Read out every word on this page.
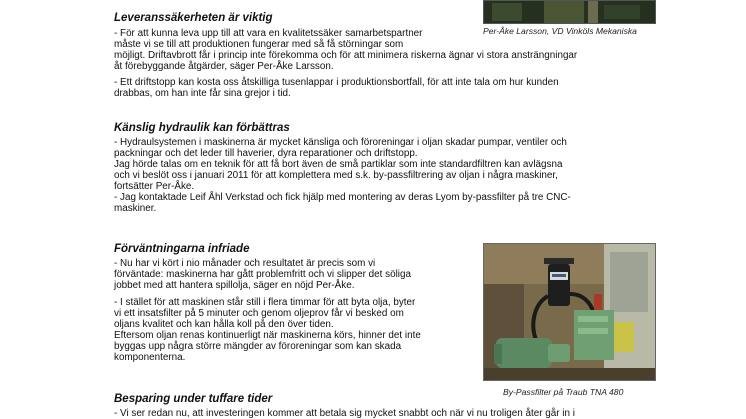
Per-Åke Larsson, VD Vinköls Mekaniska
Leveranssäkerheten är viktig
- För att kunna leva upp till att vara en kvalitetssäker samarbetspartner
måste vi se till att produktionen fungerar med så få störningar som
möjligt. Driftavbrott får i princip inte förekomma och för att minimera riskerna ägnar vi stora ansträngningar
åt förebyggande åtgärder, säger Per-Åke Larsson.
- Ett driftstopp kan kosta oss åtskilliga tusenlappar i produktionsbortfall, för att inte tala om hur kunden
drabbas, om han inte får sina grejor i tid.
Känslig hydraulik kan förbättras
- Hydraulsystemen i maskinerna är mycket känsliga och föroreningar i oljan skadar pumpar, ventiler och
packningar och det leder till haverier, dyra reparationer och driftstopp.
Jag hörde talas om en teknik för att få bort även de små partiklar som inte standardfiltren kan avlägsna
och vi beslöt oss i januari 2011 för att komplettera med s.k. by-passfiltrering av oljan i några maskiner,
fortsätter Per-Åke.
- Jag kontaktade Leif Åhl Verkstad och fick hjälp med montering av deras Lyom by-passfilter på tre CNC-
maskiner.
Förväntningarna infriade
- Nu har vi kört i nio månader och resultatet är precis som vi
förväntade: maskinerna har gått problemfritt och vi slipper det söliga
jobbet med att hantera spillolja, säger en nöjd Per-Åke.
- I stället för att maskinen står still i flera timmar för att byta olja, byter
vi ett insatsfilter på 5 minuter och genom oljeprov får vi besked om
oljans kvalitet och kan hålla koll på den över tiden.
Eftersom oljan renas kontinuerligt när maskinerna körs, hinner det inte
byggas upp några större mängder av föroreningar som kan skada
komponenterna.
By-Passfilter på Traub TNA 480
Besparing under tuffare tider
- Vi ser redan nu, att investeringen kommer att betala sig mycket snabbt och när vi nu troligen åter går in i
